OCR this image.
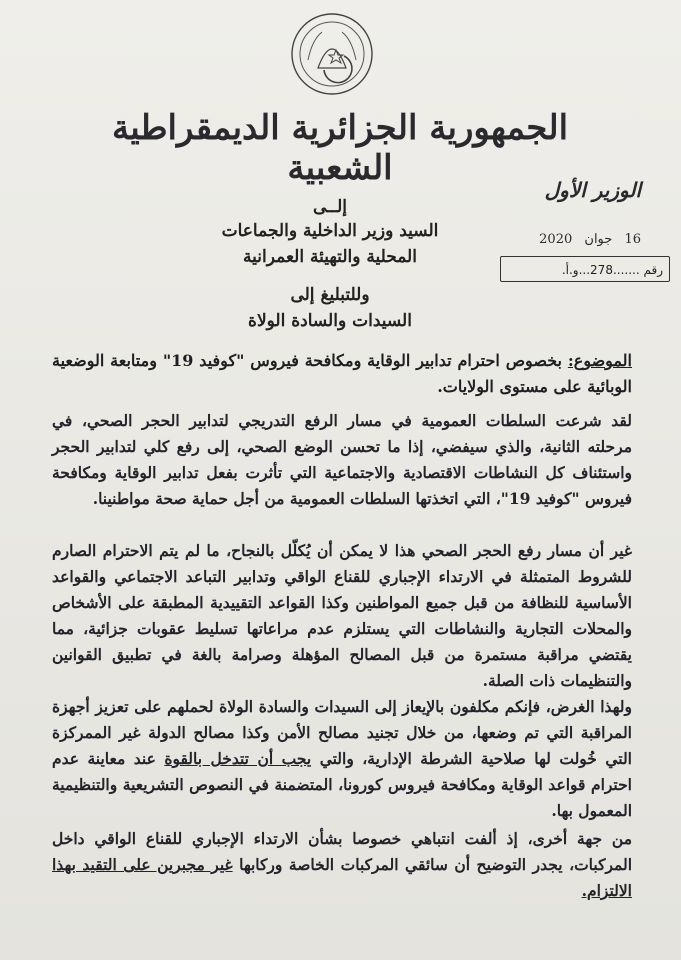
الجمهورية الجزائرية الديمقراطية الشعبية
الوزير الأول
16 جوان 2020
رقم .......278...و.أ.
إلــى
السيد وزير الداخلية والجماعات
المحلية والتهيئة العمرانية
وللتبليغ إلى
السيدات والسادة الولاة
الموضوع: بخصوص احترام تدابير الوقاية ومكافحة فيروس "كوفيد 19" ومتابعة الوضعية الوبائية على مستوى الولايات.
لقد شرعت السلطات العمومية في مسار الرفع التدريجي لتدابير الحجر الصحي، في مرحلته الثانية، والذي سيفضي، إذا ما تحسن الوضع الصحي، إلى رفع كلي لتدابير الحجر واستئناف كل النشاطات الاقتصادية والاجتماعية التي تأثرت بفعل تدابير الوقاية ومكافحة فيروس "كوفيد 19"، التي اتخذتها السلطات العمومية من أجل حماية صحة مواطنينا.
غير أن مسار رفع الحجر الصحي هذا لا يمكن أن يُكلّل بالنجاح، ما لم يتم الاحترام الصارم للشروط المتمثلة في الارتداء الإجباري للقناع الواقي وتدابير التباعد الاجتماعي والقواعد الأساسية للنظافة من قبل جميع المواطنين وكذا القواعد التقييدية المطبقة على الأشخاص والمحلات التجارية والنشاطات التي يستلزم عدم مراعاتها تسليط عقوبات جزائية، مما يقتضي مراقبة مستمرة من قبل المصالح المؤهلة وصرامة بالغة في تطبيق القوانين والتنظيمات ذات الصلة.
ولهذا الغرض، فإنكم مكلفون بالإيعاز إلى السيدات والسادة الولاة لحملهم على تعزيز أجهزة المراقبة التي تم وضعها، من خلال تجنيد مصالح الأمن وكذا مصالح الدولة غير الممركزة التي خُولت لها صلاحية الشرطة الإدارية، والتي يجب أن تتدخل بالقوة عند معاينة عدم احترام قواعد الوقاية ومكافحة فيروس كورونا، المتضمنة في النصوص التشريعية والتنظيمية المعمول بها.
من جهة أخرى، إذ ألفت انتباهي خصوصا بشأن الارتداء الإجباري للقناع الواقي داخل المركبات، يجدر التوضيح أن سائقي المركبات الخاصة وركابها غير مجبرين على التقيد بهذا الالتزام.
